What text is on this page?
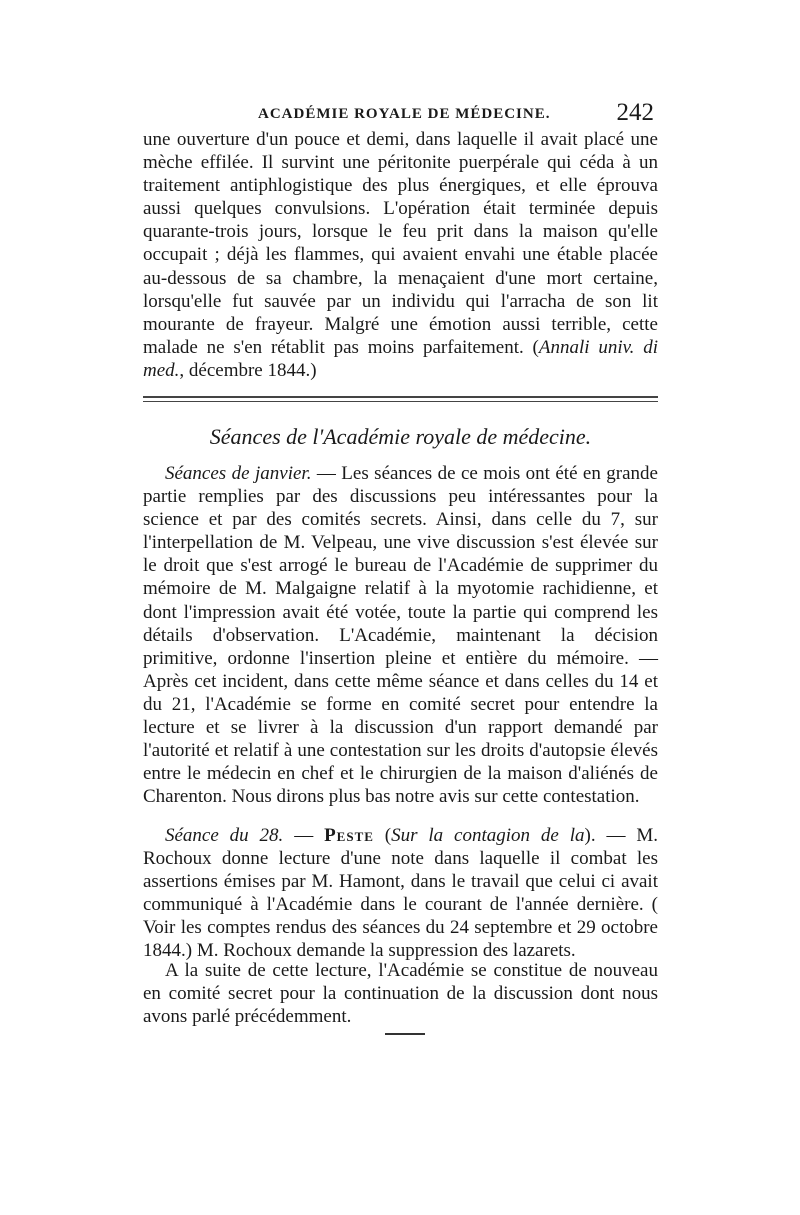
ACADÉMIE ROYALE DE MÉDECINE.	242

une ouverture d'un pouce et demi, dans laquelle il avait placé une mèche effilée. Il survint une péritonite puerpérale qui céda à un traitement antiphlogistique des plus énergiques, et elle éprouva aussi quelques convulsions. L'opération était terminée depuis quarante-trois jours, lorsque le feu prit dans la maison qu'elle occupait ; déjà les flammes, qui avaient envahi une étable placée au-dessous de sa chambre, la menaçaient d'une mort certaine, lorsqu'elle fut sauvée par un individu qui l'arracha de son lit mourante de frayeur. Malgré une émotion aussi terrible, cette malade ne s'en rétablit pas moins parfaitement. (Annali univ. di med., décembre 1844.)

Séances de l'Académie royale de médecine.

Séances de janvier. — Les séances de ce mois ont été en grande partie remplies par des discussions peu intéressantes pour la science et par des comités secrets. Ainsi, dans celle du 7, sur l'interpellation de M. Velpeau, une vive discussion s'est élevée sur le droit que s'est arrogé le bureau de l'Académie de supprimer du mémoire de M. Malgaigne relatif à la myotomie rachidienne, et dont l'impression avait été votée, toute la partie qui comprend les détails d'observation. L'Académie, maintenant la décision primitive, ordonne l'insertion pleine et entière du mémoire. — Après cet incident, dans cette même séance et dans celles du 14 et du 21, l'Académie se forme en comité secret pour entendre la lecture et se livrer à la discussion d'un rapport demandé par l'autorité et relatif à une contestation sur les droits d'autopsie élevés entre le médecin en chef et le chirurgien de la maison d'aliénés de Charenton. Nous dirons plus bas notre avis sur cette contestation.

Séance du 28. — Peste (Sur la contagion de la). — M. Rochoux donne lecture d'une note dans laquelle il combat les assertions émises par M. Hamont, dans le travail que celui ci avait communiqué à l'Académie dans le courant de l'année dernière. ( Voir les comptes rendus des séances du 24 septembre et 29 octobre 1844.) M. Rochoux demande la suppression des lazarets.

A la suite de cette lecture, l'Académie se constitue de nouveau en comité secret pour la continuation de la discussion dont nous avons parlé précédemment.
